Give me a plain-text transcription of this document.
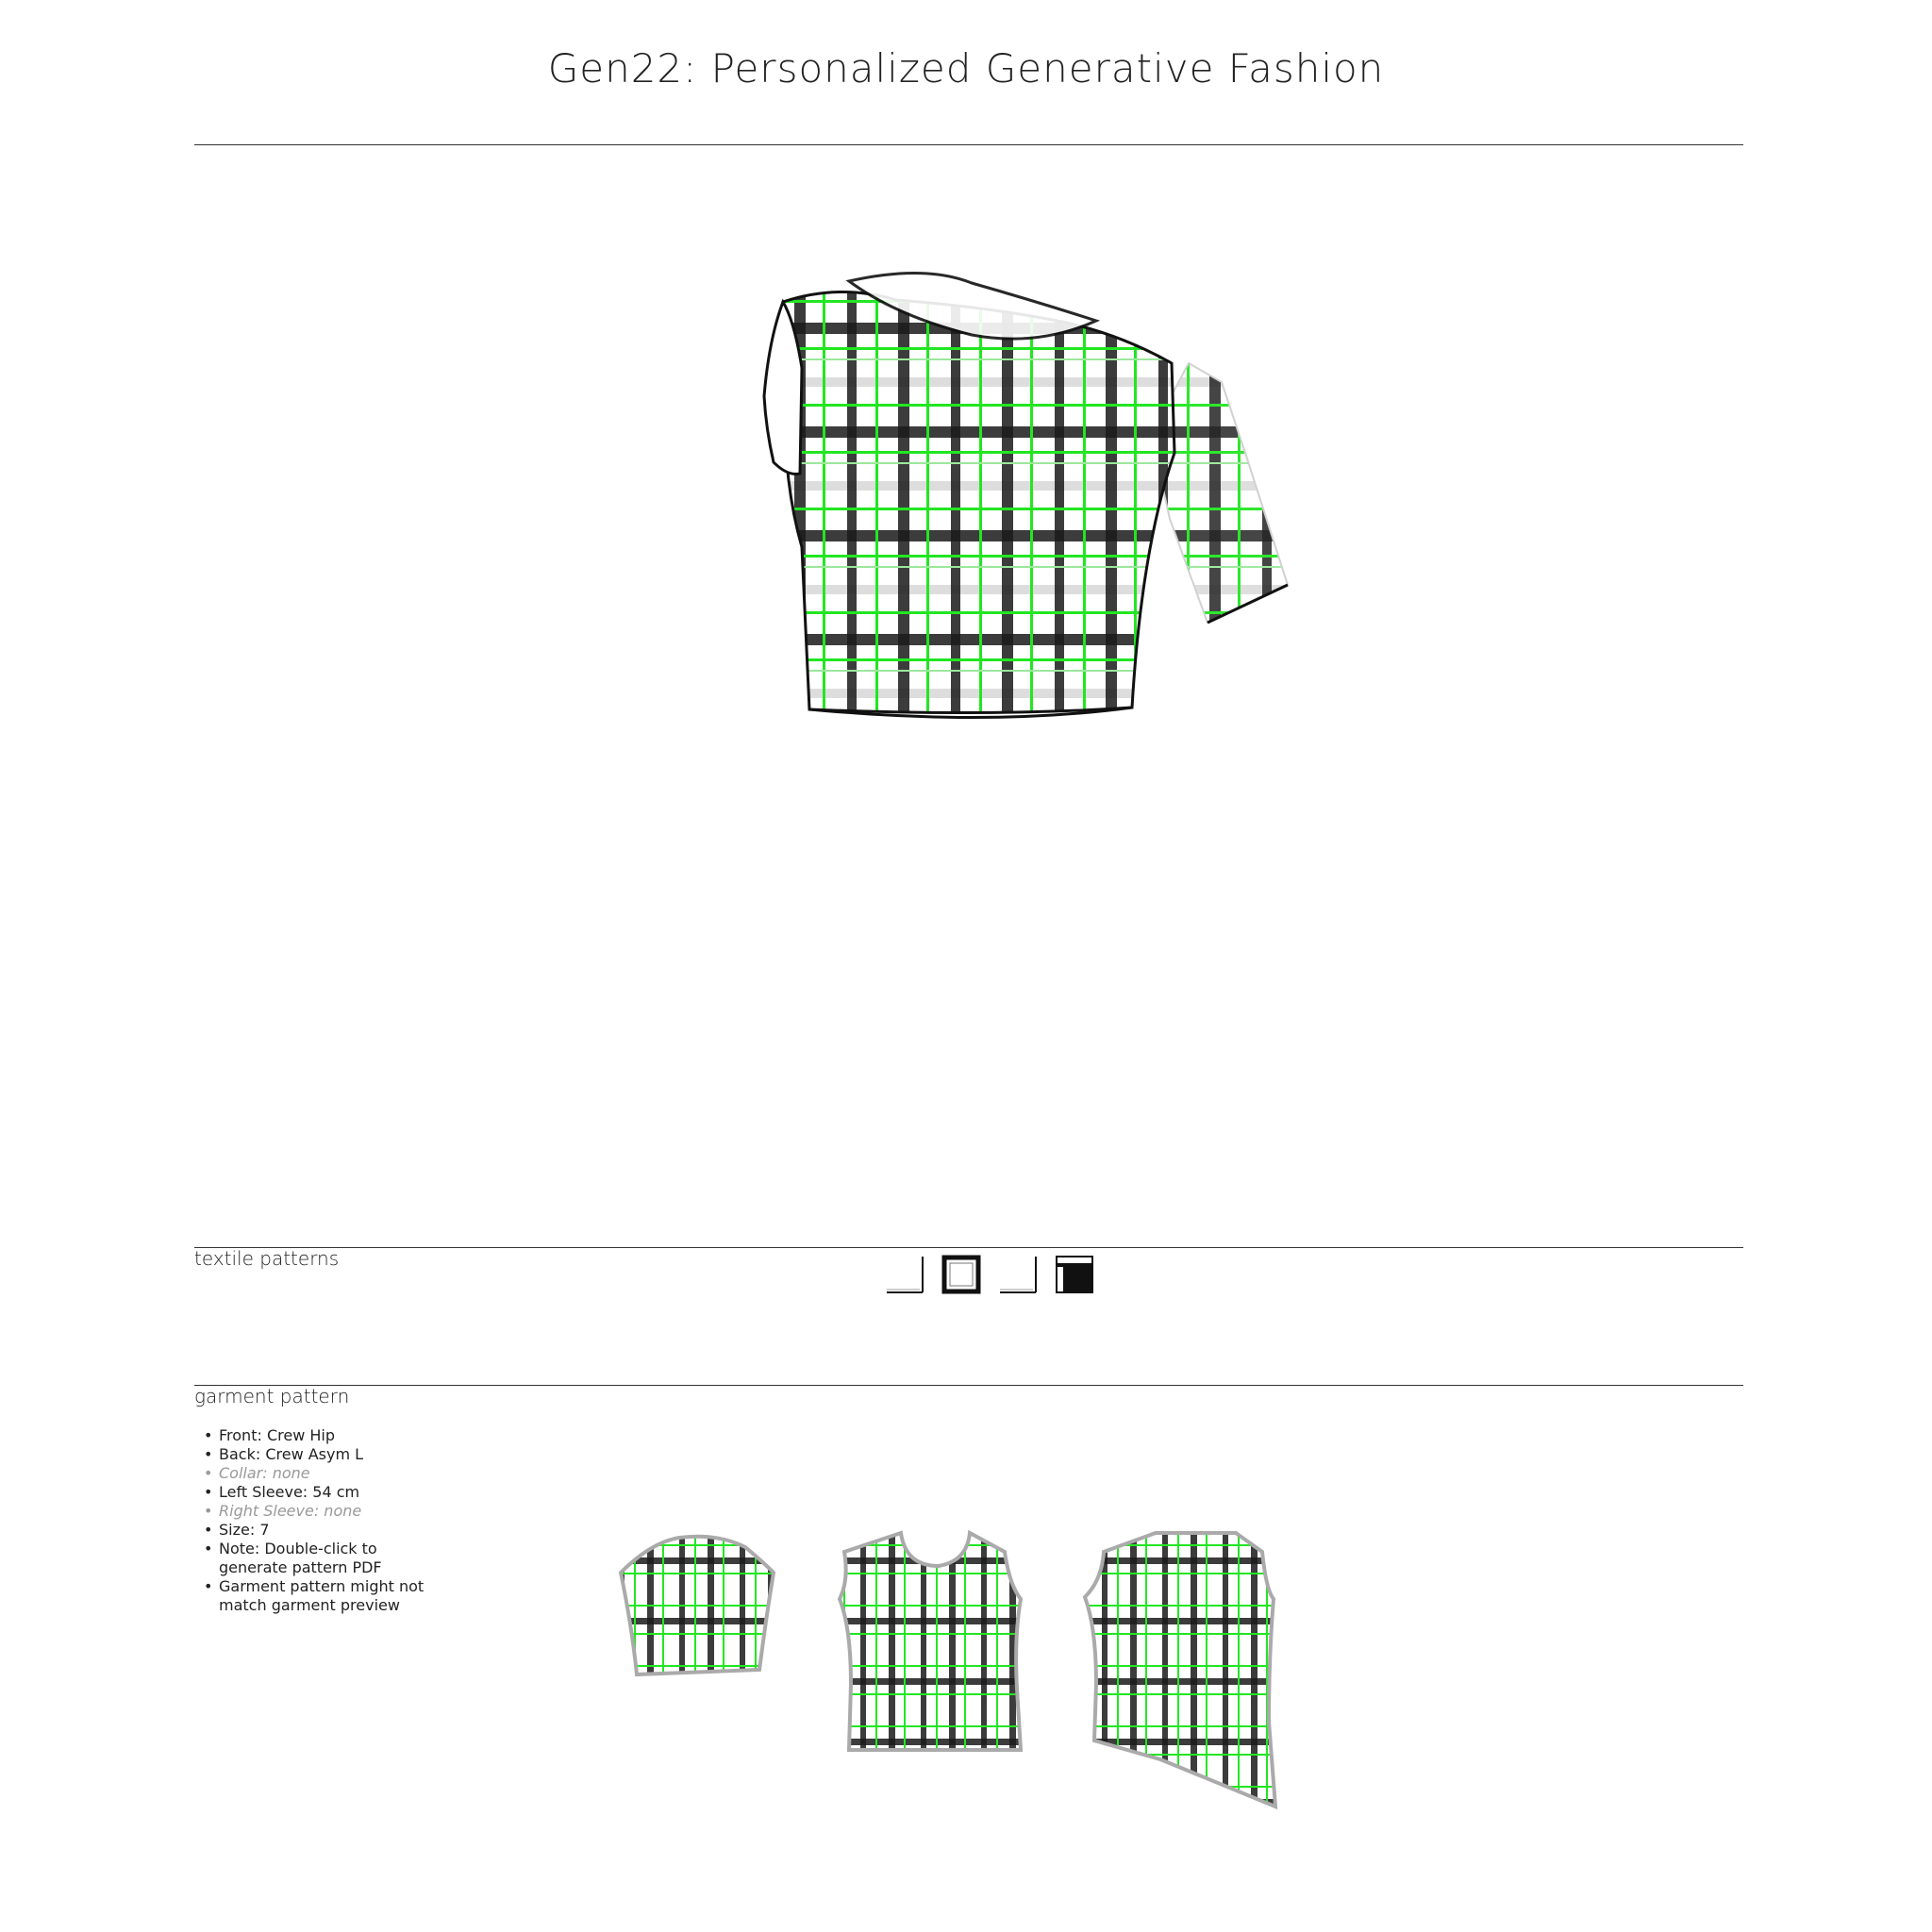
Gen22: Personalized Generative Fashion
textile patterns
garment pattern
• Front: Crew Hip
• Back: Crew Asym L
• Collar: none
• Left Sleeve: 54 cm
• Right Sleeve: none
• Size: 7
• Note: Double-click to generate pattern PDF
• Garment pattern might not match garment preview
